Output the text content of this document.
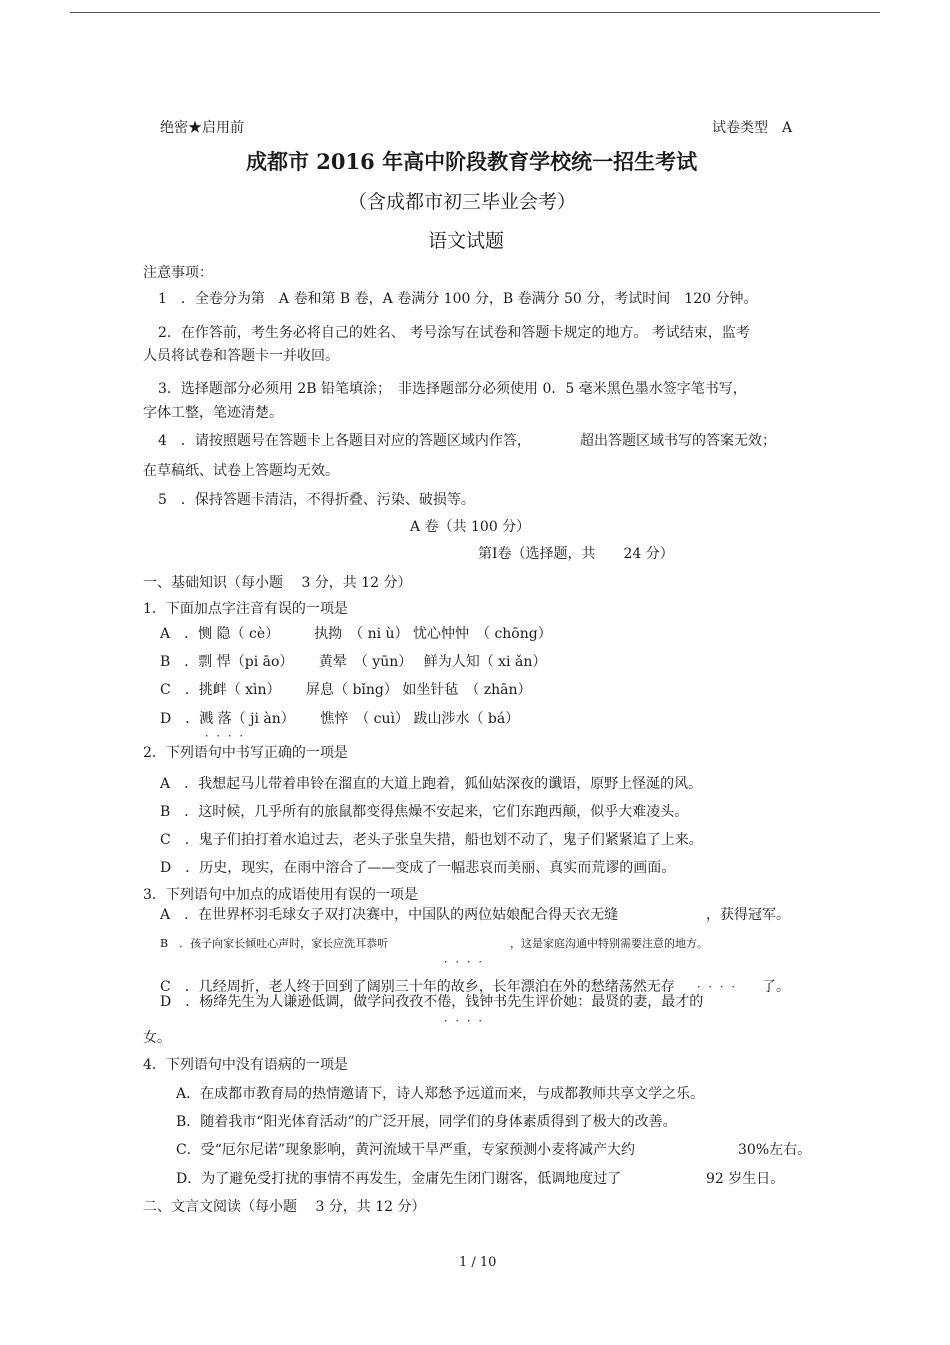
绝密★启用前	试卷类型　A
成都市 2016 年高中阶段教育学校统一招生考试
（含成都市初三毕业会考）
语文试题
注意事项：
1　．全卷分为第　A 卷和第 B 卷，A 卷满分 100 分，B 卷满分 50 分，考试时间　120 分钟。
2．在作答前，考生务必将自己的姓名、 考号涂写在试卷和答题卡规定的地方。 考试结束，监考
人员将试卷和答题卡一并收回。
3．选择题部分必须用 2B 铅笔填涂；　非选择题部分必须使用 0．5 毫米黑色墨水签字笔书写，
字体工整，笔迹清楚。
4　．请按照题号在答题卡上各题目对应的答题区域内作答，	超出答题区域书写的答案无效；
在草稿纸、试卷上答题均无效。
5　．保持答题卡清洁，不得折叠、污染、破损等。
A 卷（共 100 分）
第Ⅰ卷（选择题，共　　24 分）
一、基础知识（每小题　 3 分，共 12 分）
1．下面加点字注音有误的一项是
A　．恻 隐（ cè）　　　执拗　（ ni ù） 忧心忡忡　（ chōng）
B　．剽 悍（pi āo）　　 黄晕　（ yūn）　 鲜为人知（ xi ǎn）
C　．挑衅（ xìn）　　 屏息（ bǐng） 如坐针毡　（ zhān）
D　．溅 落（ ji àn）　　 憔悴　（ cuì） 跋山涉水（ bá）
．．．．
2．下列语句中书写正确的一项是
A　．我想起马儿带着串铃在溜直的大道上跑着，狐仙姑深夜的谶语，原野上怪涎的风。
B　．这时候，几乎所有的旅鼠都变得焦燥不安起来，它们东跑西颠，似乎大难凌头。
C　．鬼子们拍打着水追过去，老头子张皇失措，船也划不动了，鬼子们紧紧追了上来。
D　．历史，现实，在雨中溶合了——变成了一幅悲哀而美丽、真实而荒谬的画面。
3．下列语句中加点的成语使用有误的一项是
A　．在世界杯羽毛球女子双打决赛中，中国队的两位姑娘配合得天衣无缝	，获得冠军。
B　．孩子向家长倾吐心声时，家长应洗耳恭听	，这是家庭沟通中特别需要注意的地方。
．．．．
C　．几经周折，老人终于回到了阔别三十年的故乡，长年漂泊在外的愁绪荡然无存 ．．．． 了。
D　．杨绛先生为人谦逊低调，做学问孜孜不倦，钱钟书先生评价她：最贤的妻，最才的
．．．．
女。
4．下列语句中没有语病的一项是
A．在成都市教育局的热情邀请下，诗人郑愁予远道而来，与成都教师共享文学之乐。
B．随着我市“阳光体育活动”的广泛开展，同学们的身体素质得到了极大的改善。
C．受“厄尔尼诺”现象影响，黄河流域干旱严重，专家预测小麦将减产大约	30%左右。
D．为了避免受打扰的事情不再发生，金庸先生闭门谢客，低调地度过了	92 岁生日。
二、文言文阅读（每小题　 3 分，共 12 分）
1 / 10
